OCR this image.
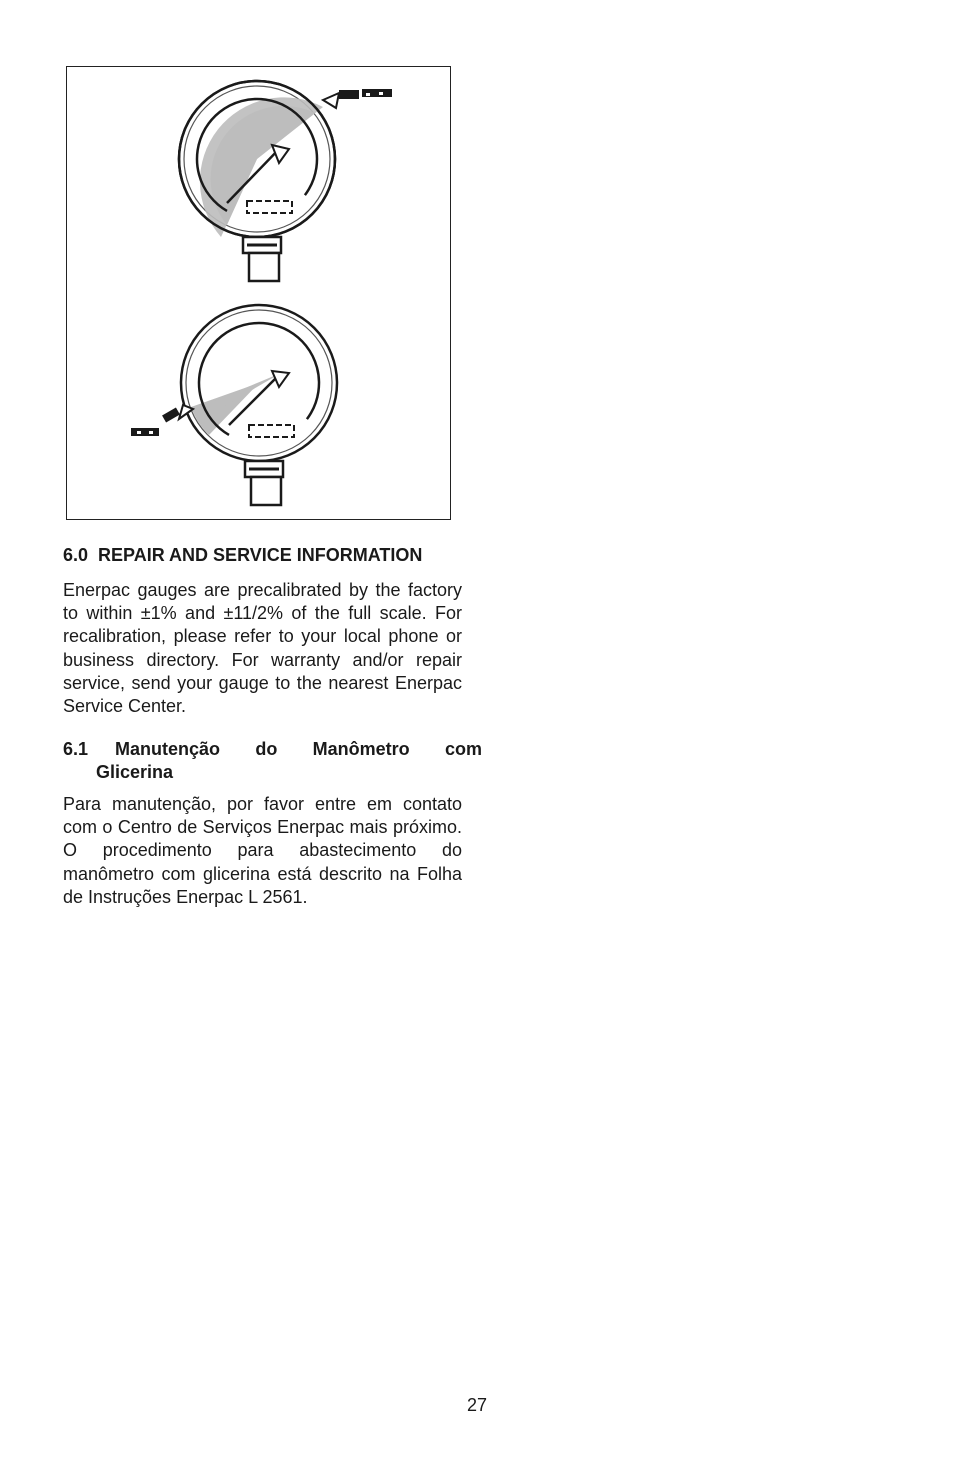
6.0 REPAIR AND SERVICE INFORMATION

Enerpac gauges are precalibrated by the factory to within ±1% and ±11/2% of the full scale. For recalibration, please refer to your local phone or business directory. For warranty and/or repair service, send your gauge to the nearest Enerpac Service Center.

6.1 Manutenção do Manômetro com
Glicerina

Para manutenção, por favor entre em contato com o Centro de Serviços Enerpac mais próximo. O procedimento para abastecimento do manômetro com glicerina está descrito na Folha de Instruções Enerpac L 2561.

27
